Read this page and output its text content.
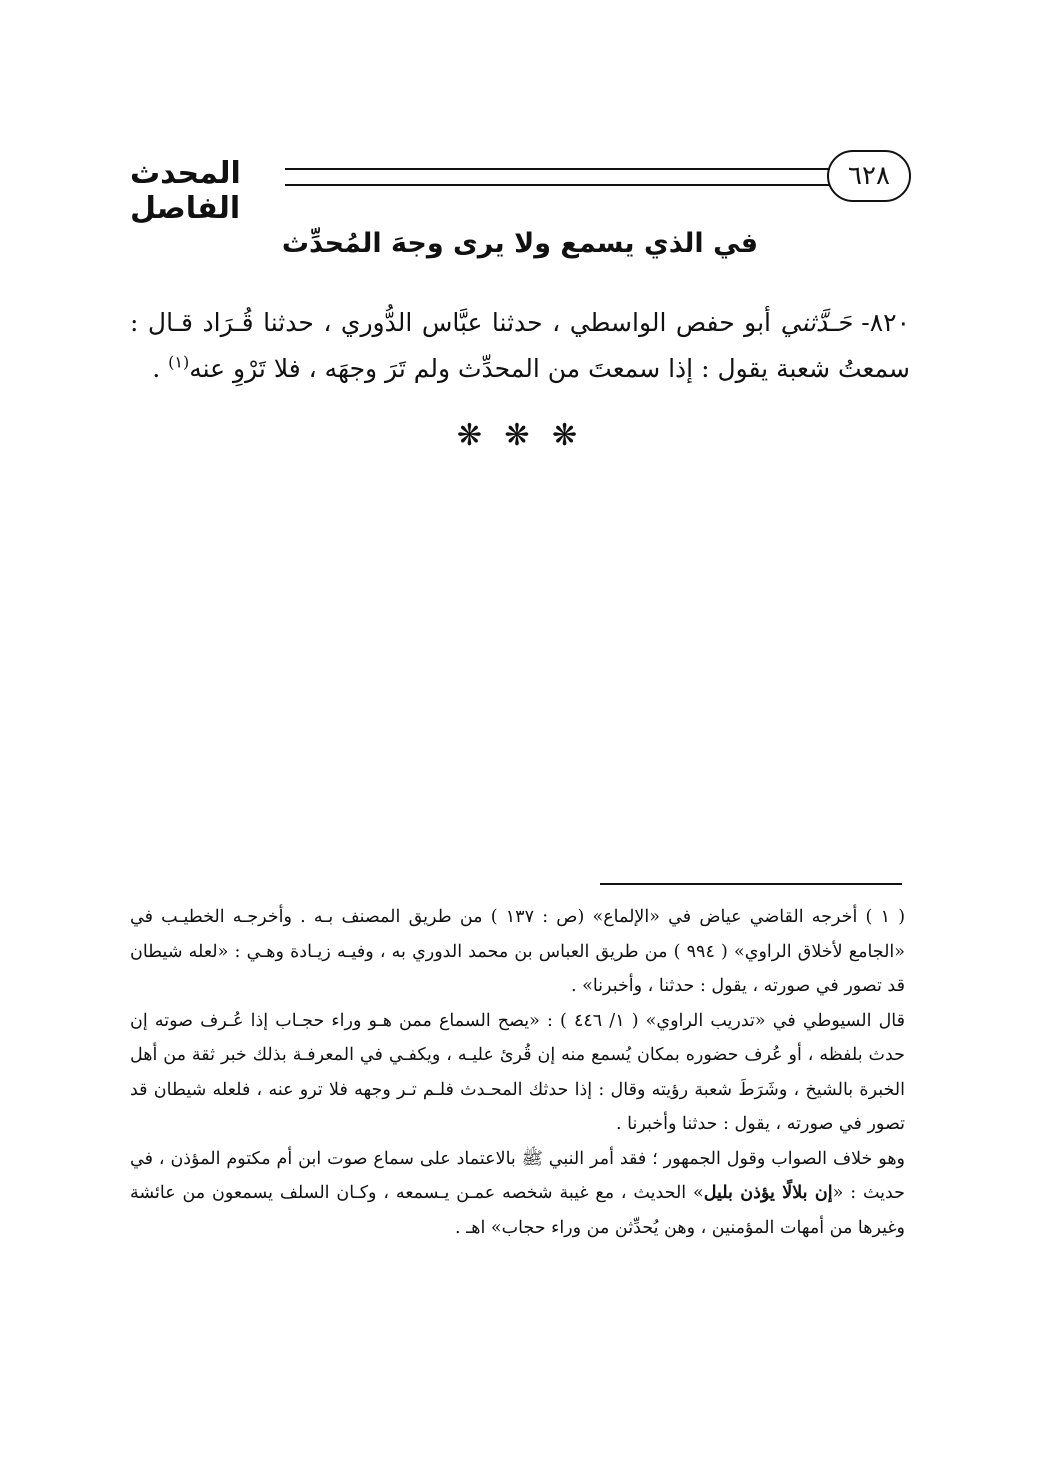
المحدث الفاصل
٦٢٨
في الذي يسمع ولا يرى وجهَ المُحدِّث
٨٢٠- حَـدَّثني أبو حفص الواسطي ، حدثنا عبَّاس الدُّوري ، حدثنا قُـرَاد قـال : سمعتُ شعبة يقول : إذا سمعتَ من المحدِّث ولم تَرَ وجهَه ، فلا تَرْوِ عنه$^{(١)}$ .
❋ ❋ ❋

( ١ ) أخرجه القاضي عياض في «الإلماع» (ص : ١٣٧ ) من طريق المصنف بـه . وأخرجـه الخطيـب في «الجامع لأخلاق الراوي» ( ٩٩٤ ) من طريق العباس بن محمد الدوري به ، وفيـه زيـادة وهـي : «لعله شيطان قد تصور في صورته ، يقول : حدثنا ، وأخبرنا» .

قال السيوطي في «تدريب الراوي» ( ١/ ٤٤٦ ) : «يصح السماع ممن هـو وراء حجـاب إذا عُـرف صوته إن حدث بلفظه ، أو عُرف حضوره بمكان يُسمع منه إن قُرئ عليـه ، ويكفـي في المعرفـة بذلك خبر ثقة من أهل الخبرة بالشيخ ، وشَرَطَ شعبة رؤيته وقال : إذا حدثك المحـدث فلـم تـر وجهه فلا ترو عنه ، فلعله شيطان قد تصور في صورته ، يقول : حدثنا وأخبرنا .

وهو خلاف الصواب وقول الجمهور ؛ فقد أمر النبي ﷺ بالاعتماد على سماع صوت ابن أم مكتوم المؤذن ، في حديث : «إن بلالًا يؤذن بليل» الحديث ، مع غيبة شخصه عمـن يـسمعه ، وكـان السلف يسمعون من عائشة وغيرها من أمهات المؤمنين ، وهن يُحدِّثن من وراء حجاب» اهـ .
